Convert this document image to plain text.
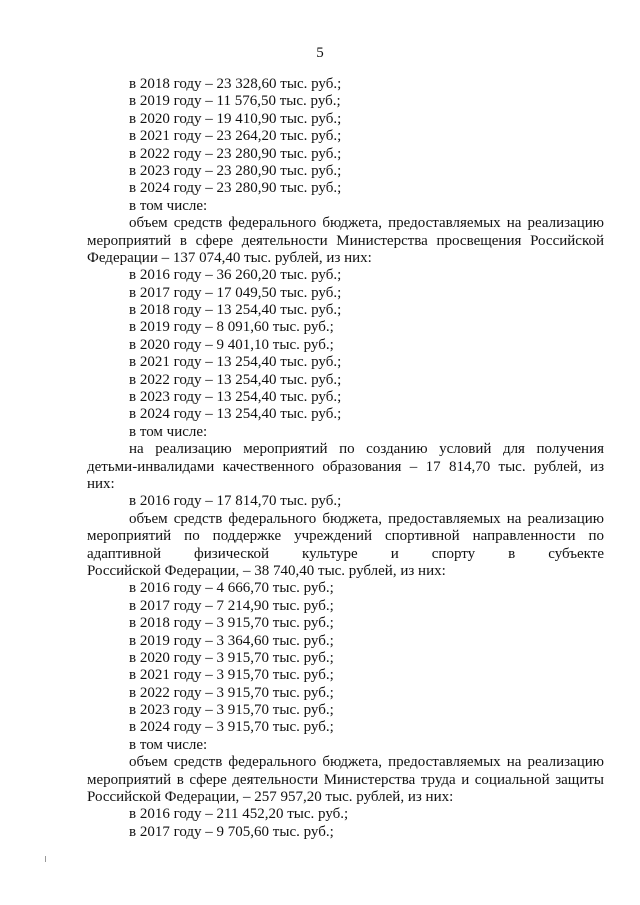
5
в 2018 году – 23 328,60 тыс. руб.;
в 2019 году – 11 576,50 тыс. руб.;
в 2020 году – 19 410,90 тыс. руб.;
в 2021 году – 23 264,20 тыс. руб.;
в 2022 году – 23 280,90 тыс. руб.;
в 2023 году – 23 280,90 тыс. руб.;
в 2024 году – 23 280,90 тыс. руб.;
в том числе:
объем средств федерального бюджета, предоставляемых на реализацию
мероприятий в сфере деятельности Министерства просвещения Российской
Федерации – 137 074,40 тыс. рублей, из них:
в 2016 году – 36 260,20 тыс. руб.;
в 2017 году – 17 049,50 тыс. руб.;
в 2018 году – 13 254,40 тыс. руб.;
в 2019 году – 8 091,60 тыс. руб.;
в 2020 году – 9 401,10 тыс. руб.;
в 2021 году – 13 254,40 тыс. руб.;
в 2022 году – 13 254,40 тыс. руб.;
в 2023 году – 13 254,40 тыс. руб.;
в 2024 году – 13 254,40 тыс. руб.;
в том числе:
на реализацию мероприятий по созданию условий для получения
детьми-инвалидами качественного образования – 17 814,70 тыс. рублей, из
них:
в 2016 году – 17 814,70 тыс. руб.;
объем средств федерального бюджета, предоставляемых на реализацию
мероприятий по поддержке учреждений спортивной направленности по
адаптивной физической культуре и спорту в субъекте
Российской Федерации, – 38 740,40 тыс. рублей, из них:
в 2016 году – 4 666,70 тыс. руб.;
в 2017 году – 7 214,90 тыс. руб.;
в 2018 году – 3 915,70 тыс. руб.;
в 2019 году – 3 364,60 тыс. руб.;
в 2020 году – 3 915,70 тыс. руб.;
в 2021 году – 3 915,70 тыс. руб.;
в 2022 году – 3 915,70 тыс. руб.;
в 2023 году – 3 915,70 тыс. руб.;
в 2024 году – 3 915,70 тыс. руб.;
в том числе:
объем средств федерального бюджета, предоставляемых на реализацию
мероприятий в сфере деятельности Министерства труда и социальной защиты
Российской Федерации, – 257 957,20 тыс. рублей, из них:
в 2016 году – 211 452,20 тыс. руб.;
в 2017 году – 9 705,60 тыс. руб.;
